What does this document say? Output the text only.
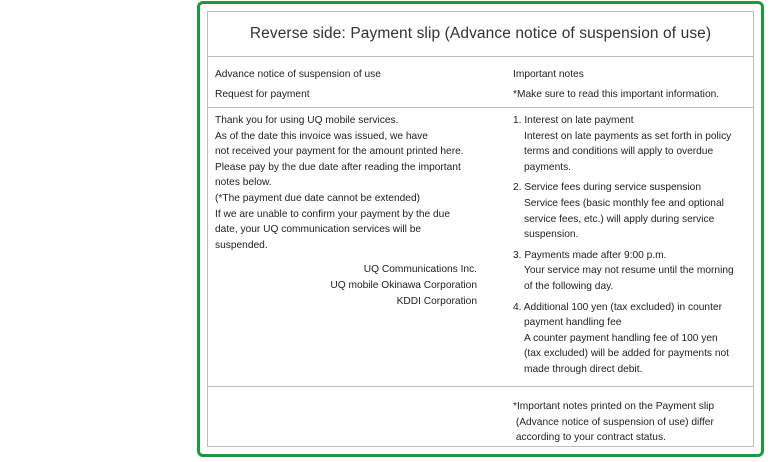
Reverse side: Payment slip (Advance notice of suspension of use)

Advance notice of suspension of use

Request for payment

Important notes

*Make sure to read this important information.

Thank you for using UQ mobile services.

As of the date this invoice was issued, we have

not received your payment for the amount printed here.

Please pay by the due date after reading the important

notes below.

(*The payment due date cannot be extended)

If we are unable to confirm your payment by the due

date, your UQ communication services will be

suspended.

UQ Communications Inc.

UQ mobile Okinawa Corporation

KDDI Corporation

1. Interest on late payment

Interest on late payments as set forth in policy

terms and conditions will apply to overdue

payments.

2. Service fees during service suspension

Service fees (basic monthly fee and optional

service fees, etc.) will apply during service

suspension.

3. Payments made after 9:00 p.m.

Your service may not resume until the morning

of the following day.

4. Additional 100 yen (tax excluded) in counter

payment handling fee

A counter payment handling fee of 100 yen

(tax excluded) will be added for payments not

made through direct debit.

*Important notes printed on the Payment slip

(Advance notice of suspension of use) differ

according to your contract status.
